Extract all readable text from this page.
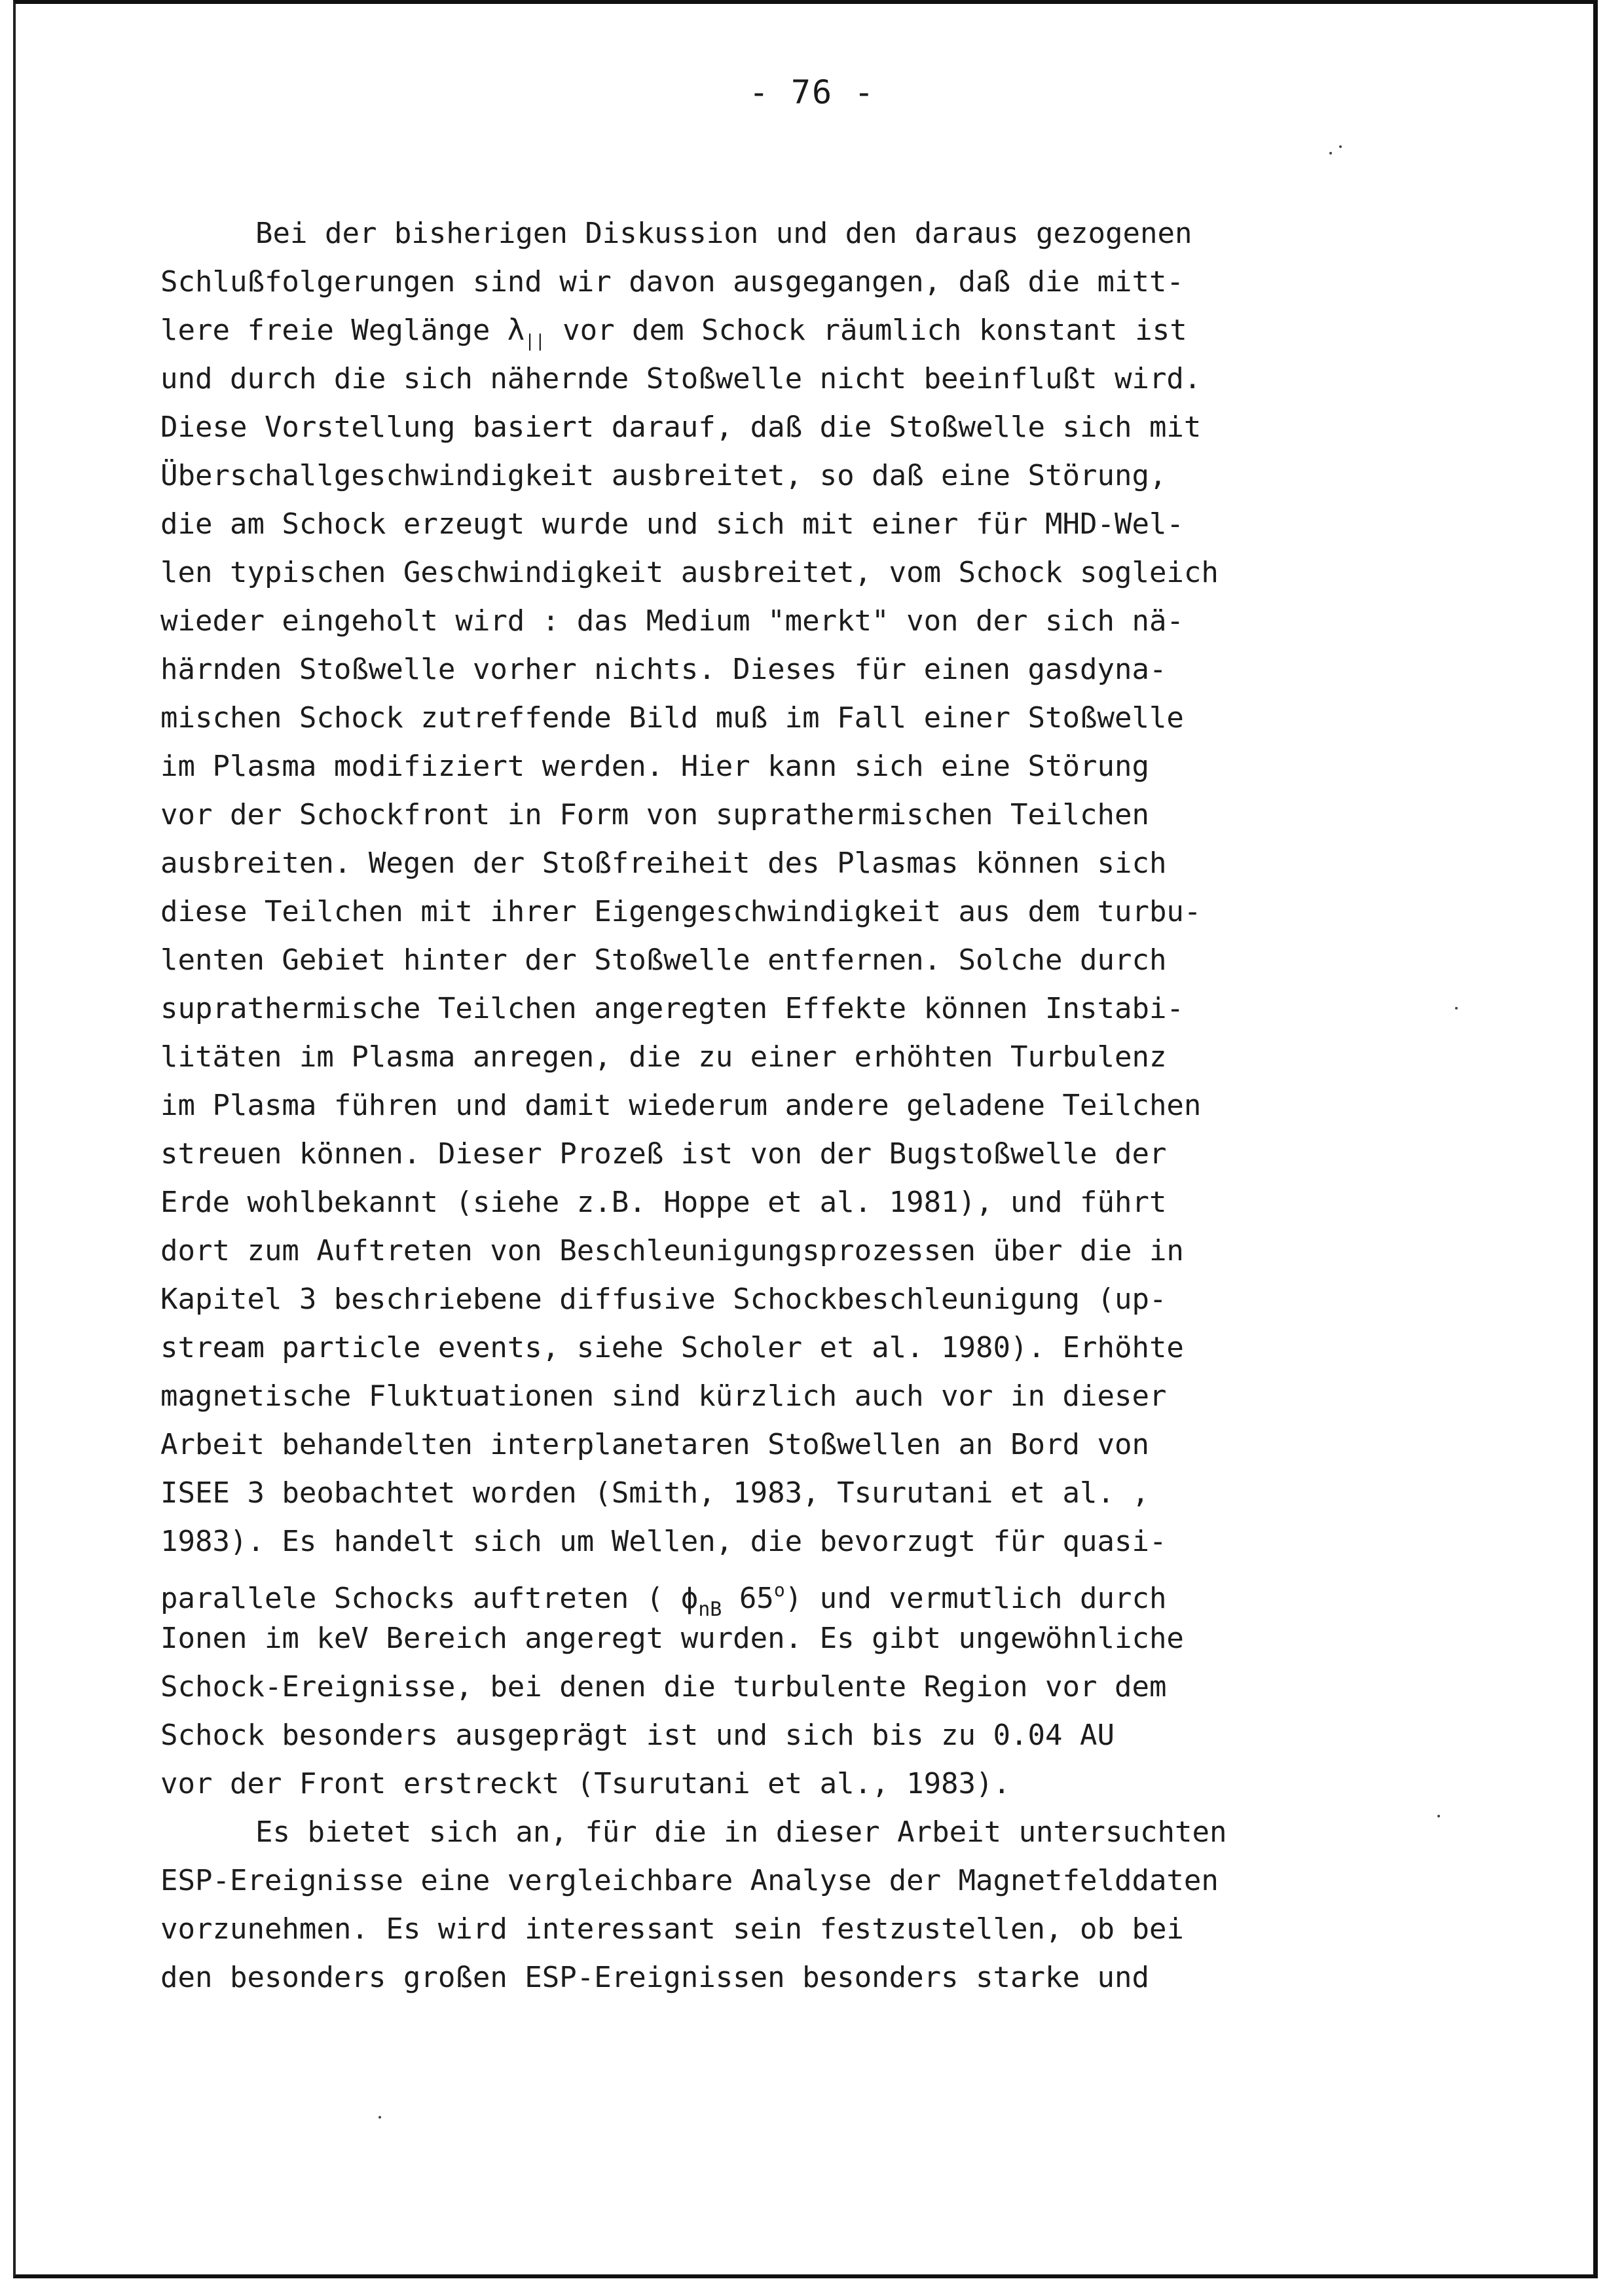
- 76 -
Bei der bisherigen Diskussion und den daraus gezogenen
Schlußfolgerungen sind wir davon ausgegangen, daß die mitt-
lere freie Weglänge $\lambda_{||}$ vor dem Schock räumlich konstant ist
und durch die sich nähernde Stoßwelle nicht beeinflußt wird.
Diese Vorstellung basiert darauf, daß die Stoßwelle sich mit
Überschallgeschwindigkeit ausbreitet, so daß eine Störung,
die am Schock erzeugt wurde und sich mit einer für MHD-Wel-
len typischen Geschwindigkeit ausbreitet, vom Schock sogleich
wieder eingeholt wird : das Medium "merkt" von der sich nä-
härnden Stoßwelle vorher nichts. Dieses für einen gasdyna-
mischen Schock zutreffende Bild muß im Fall einer Stoßwelle
im Plasma modifiziert werden. Hier kann sich eine Störung
vor der Schockfront in Form von suprathermischen Teilchen
ausbreiten. Wegen der Stoßfreiheit des Plasmas können sich
diese Teilchen mit ihrer Eigengeschwindigkeit aus dem turbu-
lenten Gebiet hinter der Stoßwelle entfernen. Solche durch
suprathermische Teilchen angeregten Effekte können Instabi-
litäten im Plasma anregen, die zu einer erhöhten Turbulenz
im Plasma führen und damit wiederum andere geladene Teilchen
streuen können. Dieser Prozeß ist von der Bugstoßwelle der
Erde wohlbekannt (siehe z.B. Hoppe et al. 1981), und führt
dort zum Auftreten von Beschleunigungsprozessen über die in
Kapitel 3 beschriebene diffusive Schockbeschleunigung (up-
stream particle events, siehe Scholer et al. 1980). Erhöhte
magnetische Fluktuationen sind kürzlich auch vor in dieser
Arbeit behandelten interplanetaren Stoßwellen an Bord von
ISEE 3 beobachtet worden (Smith, 1983, Tsurutani et al. ,
1983). Es handelt sich um Wellen, die bevorzugt für quasi-
parallele Schocks auftreten ( $\phi_{nB}$ 65$^o$) und vermutlich durch
Ionen im keV Bereich angeregt wurden. Es gibt ungewöhnliche
Schock-Ereignisse, bei denen die turbulente Region vor dem
Schock besonders ausgeprägt ist und sich bis zu 0.04 AU
vor der Front erstreckt (Tsurutani et al., 1983).
Es bietet sich an, für die in dieser Arbeit untersuchten
ESP-Ereignisse eine vergleichbare Analyse der Magnetfelddaten
vorzunehmen. Es wird interessant sein festzustellen, ob bei
den besonders großen ESP-Ereignissen besonders starke und
